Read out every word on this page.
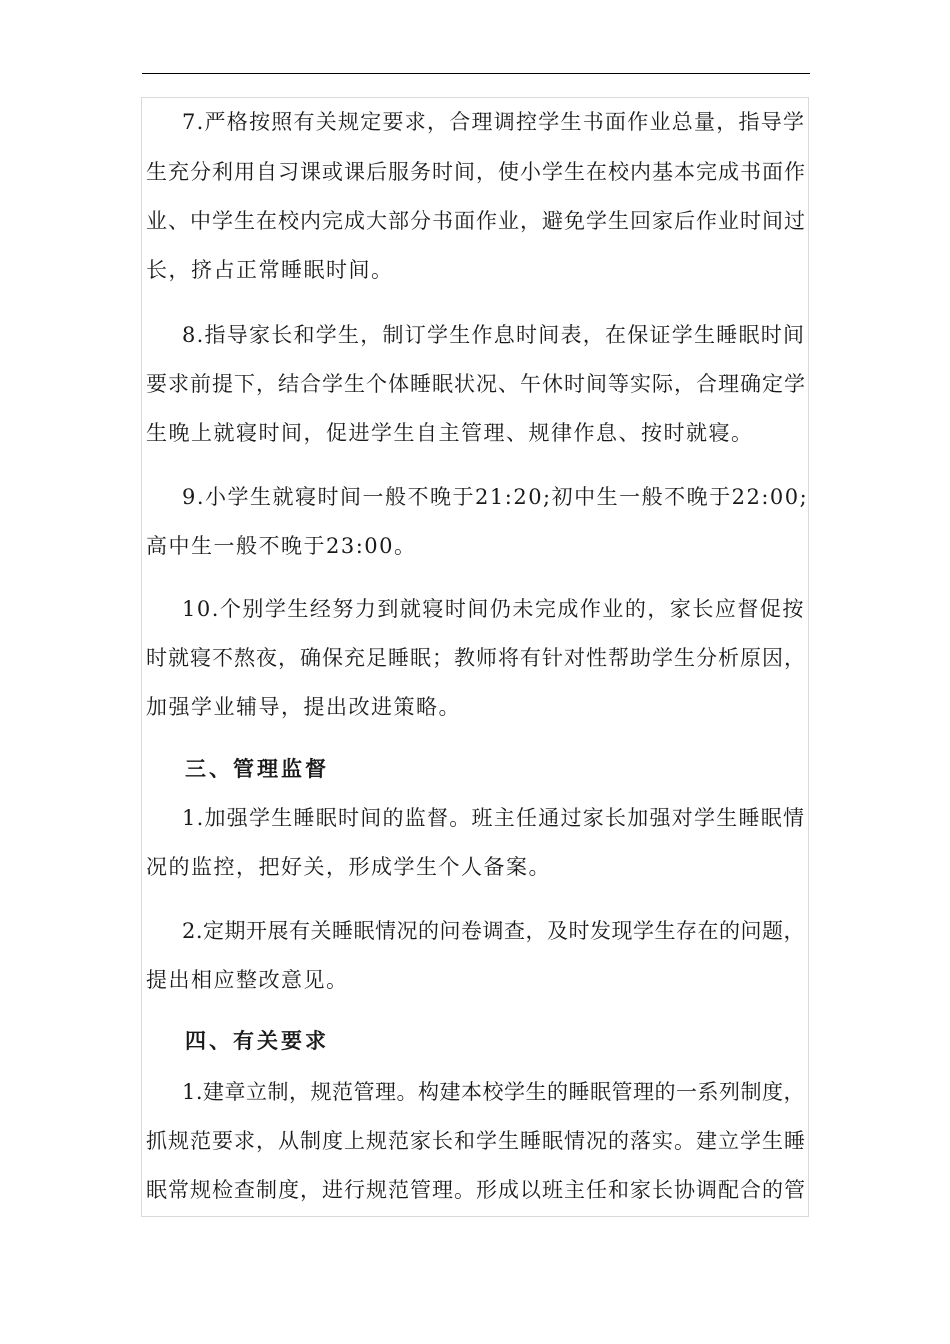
7.严格按照有关规定要求，合理调控学生书面作业总量，指导学
生充分利用自习课或课后服务时间，使小学生在校内基本完成书面作
业、中学生在校内完成大部分书面作业，避免学生回家后作业时间过
长，挤占正常睡眠时间。
8.指导家长和学生，制订学生作息时间表，在保证学生睡眠时间
要求前提下，结合学生个体睡眠状况、午休时间等实际，合理确定学
生晚上就寝时间，促进学生自主管理、规律作息、按时就寝。
9.小学生就寝时间一般不晚于21:20;初中生一般不晚于22:00;
高中生一般不晚于23:00。
10.个别学生经努力到就寝时间仍未完成作业的，家长应督促按
时就寝不熬夜，确保充足睡眠；教师将有针对性帮助学生分析原因，
加强学业辅导，提出改进策略。
三、管理监督
1.加强学生睡眠时间的监督。班主任通过家长加强对学生睡眠情
况的监控，把好关，形成学生个人备案。
2.定期开展有关睡眠情况的问卷调查，及时发现学生存在的问题，
提出相应整改意见。
四、有关要求
1.建章立制，规范管理。构建本校学生的睡眠管理的一系列制度，
抓规范要求，从制度上规范家长和学生睡眠情况的落实。建立学生睡
眠常规检查制度，进行规范管理。形成以班主任和家长协调配合的管
